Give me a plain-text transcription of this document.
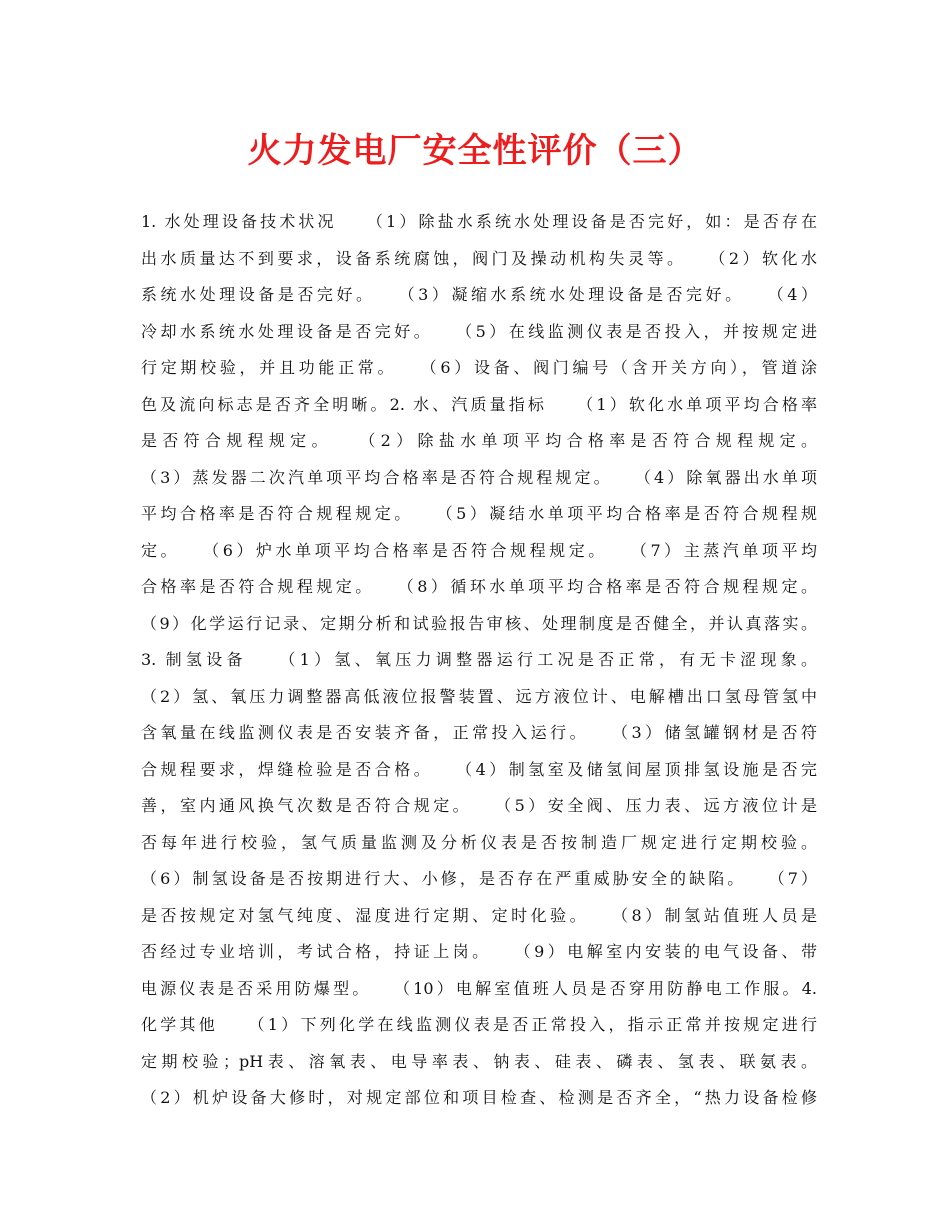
火力发电厂安全性评价（三）
1. 水处理设备技术状况　　（1）除盐水系统水处理设备是否完好，如：是否存在
出水质量达不到要求，设备系统腐蚀，阀门及操动机构失灵等。　　（2）软化水
系统水处理设备是否完好。　　（3）凝缩水系统水处理设备是否完好。　　（4）
冷却水系统水处理设备是否完好。　　（5）在线监测仪表是否投入，并按规定进
行定期校验，并且功能正常。　　（6）设备、阀门编号（含开关方向），管道涂
色及流向标志是否齐全明晰。2. 水、汽质量指标　　（1）软化水单项平均合格率
是否符合规程规定。　　（2）除盐水单项平均合格率是否符合规程规定。
（3）蒸发器二次汽单项平均合格率是否符合规程规定。　　（4）除氧器出水单项
平均合格率是否符合规程规定。　　（5）凝结水单项平均合格率是否符合规程规
定。　　（6）炉水单项平均合格率是否符合规程规定。　　（7）主蒸汽单项平均
合格率是否符合规程规定。　　（8）循环水单项平均合格率是否符合规程规定。
（9）化学运行记录、定期分析和试验报告审核、处理制度是否健全，并认真落实。
3. 制氢设备　　（1）氢、氧压力调整器运行工况是否正常，有无卡涩现象。
（2）氢、氧压力调整器高低液位报警装置、远方液位计、电解槽出口氢母管氢中
含氧量在线监测仪表是否安装齐备，正常投入运行。　　（3）储氢罐钢材是否符
合规程要求，焊缝检验是否合格。　　（4）制氢室及储氢间屋顶排氢设施是否完
善，室内通风换气次数是否符合规定。　　（5）安全阀、压力表、远方液位计是
否每年进行校验，氢气质量监测及分析仪表是否按制造厂规定进行定期校验。
（6）制氢设备是否按期进行大、小修，是否存在严重威胁安全的缺陷。　　（7）
是否按规定对氢气纯度、湿度进行定期、定时化验。　　（8）制氢站值班人员是
否经过专业培训，考试合格，持证上岗。　　（9）电解室内安装的电气设备、带
电源仪表是否采用防爆型。　　（10）电解室值班人员是否穿用防静电工作服。4.
化学其他　　（1）下列化学在线监测仪表是否正常投入，指示正常并按规定进行
定期校验；pH表、溶氧表、电导率表、钠表、硅表、磷表、氢表、联氨表。
（2）机炉设备大修时，对规定部位和项目检查、检测是否齐全，“热力设备检修
